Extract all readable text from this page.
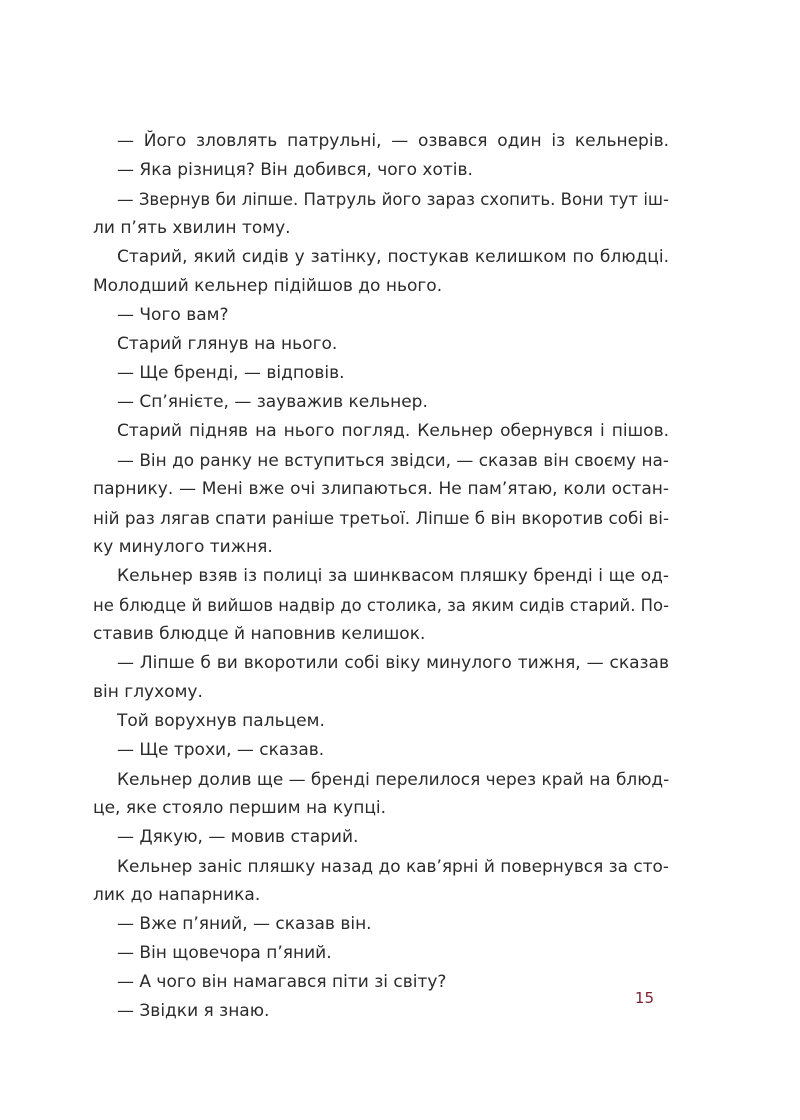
— Його зловлять патрульні, — озвався один із кельнерів.
— Яка різниця? Він добився, чого хотів.
— Звернув би ліпше. Патруль його зараз схопить. Вони тут іш-
ли п’ять хвилин тому.
Старий, який сидів у затінку, постукав келишком по блюдці.
Молодший кельнер підійшов до нього.
— Чого вам?
Старий глянув на нього.
— Ще бренді, — відповів.
— Сп’янієте, — зауважив кельнер.
Старий підняв на нього погляд. Кельнер обернувся і пішов.
— Він до ранку не вступиться звідси, — сказав він своєму на-
парнику. — Мені вже очі злипаються. Не пам’ятаю, коли остан-
ній раз лягав спати раніше третьої. Ліпше б він вкоротив собі ві-
ку минулого тижня.
Кельнер взяв із полиці за шинквасом пляшку бренді і ще од-
не блюдце й вийшов надвір до столика, за яким сидів старий. По-
ставив блюдце й наповнив келишок.
— Ліпше б ви вкоротили собі віку минулого тижня, — сказав
він глухому.
Той ворухнув пальцем.
— Ще трохи, — сказав.
Кельнер долив ще — бренді перелилося через край на блюд-
це, яке стояло першим на купці.
— Дякую, — мовив старий.
Кельнер заніс пляшку назад до кав’ярні й повернувся за сто-
лик до напарника.
— Вже п’яний, — сказав він.
— Він щовечора п’яний.
— А чого він намагався піти зі світу?
— Звідки я знаю.
15
